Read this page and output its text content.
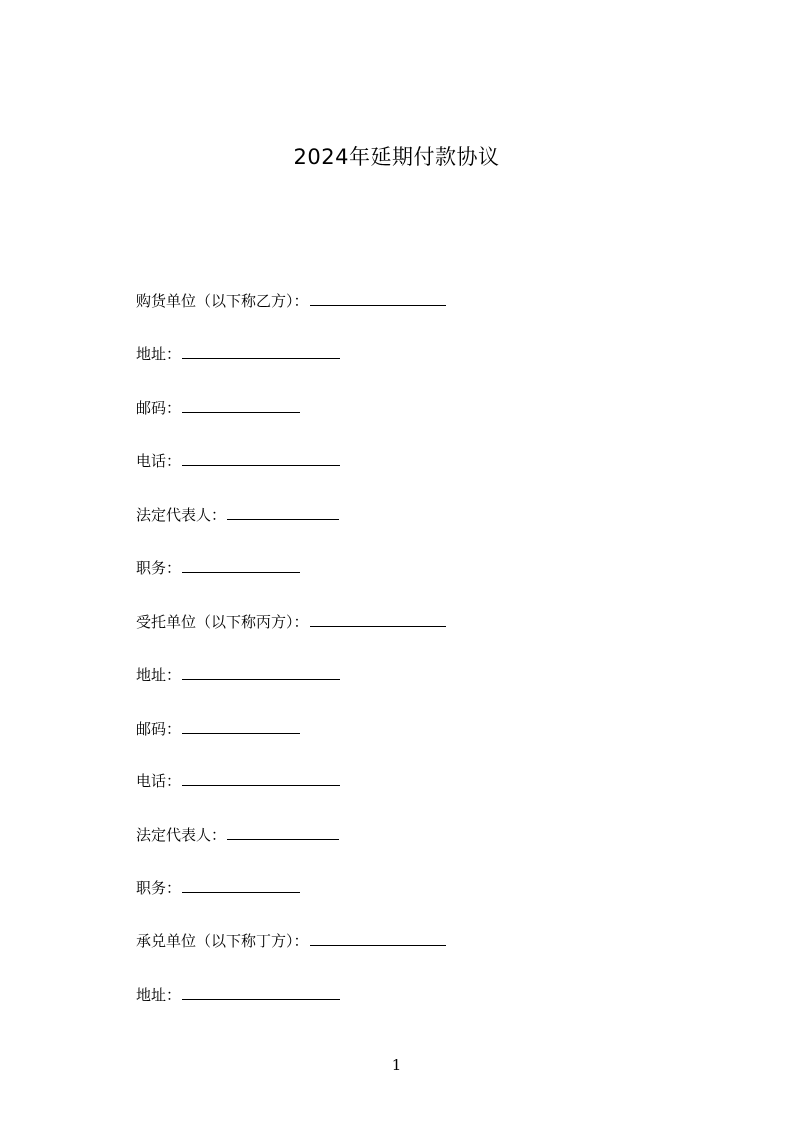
2024年延期付款协议
购货单位（以下称乙方）：
地址：
邮码：
电话：
法定代表人：
职务：
受托单位（以下称丙方）：
地址：
邮码：
电话：
法定代表人：
职务：
承兑单位（以下称丁方）：
地址：
1
